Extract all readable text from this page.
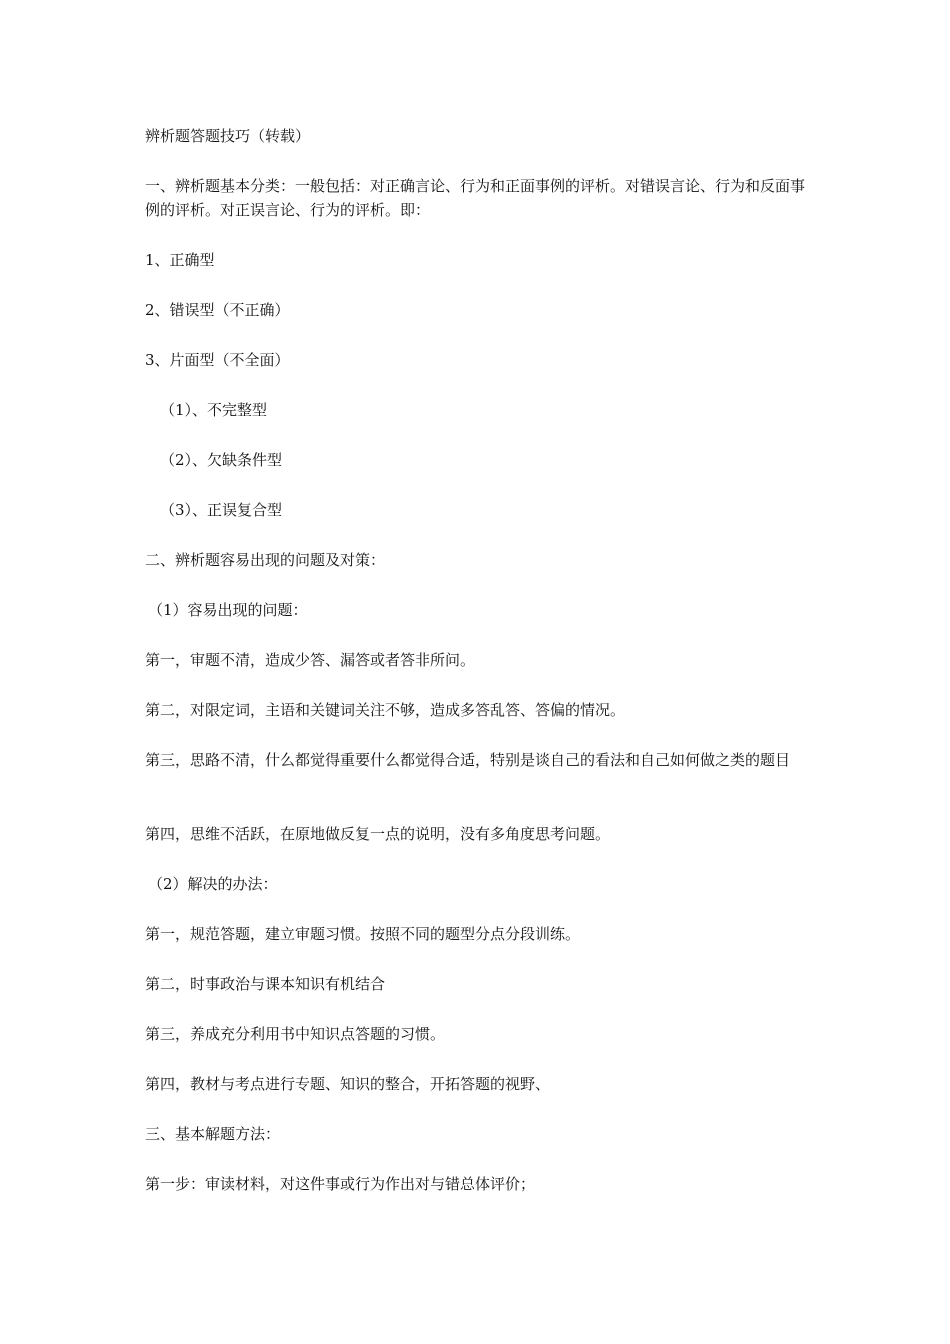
辨析题答题技巧（转载）

一、辨析题基本分类：一般包括：对正确言论、行为和正面事例的评析。对错误言论、行为和反面事例的评析。对正误言论、行为的评析。即：

1、正确型

2、错误型（不正确）

3、片面型（不全面）

（1）、不完整型

（2）、欠缺条件型

（3）、正误复合型

二、辨析题容易出现的问题及对策：

（1）容易出现的问题：

第一，审题不清，造成少答、漏答或者答非所问。

第二，对限定词，主语和关键词关注不够，造成多答乱答、答偏的情况。

第三，思路不清，什么都觉得重要什么都觉得合适，特别是谈自己的看法和自己如何做之类的题目

第四，思维不活跃，在原地做反复一点的说明，没有多角度思考问题。

（2）解决的办法：

第一，规范答题，建立审题习惯。按照不同的题型分点分段训练。

第二，时事政治与课本知识有机结合

第三，养成充分利用书中知识点答题的习惯。

第四，教材与考点进行专题、知识的整合，开拓答题的视野、

三、基本解题方法：

第一步：审读材料，对这件事或行为作出对与错总体评价；
